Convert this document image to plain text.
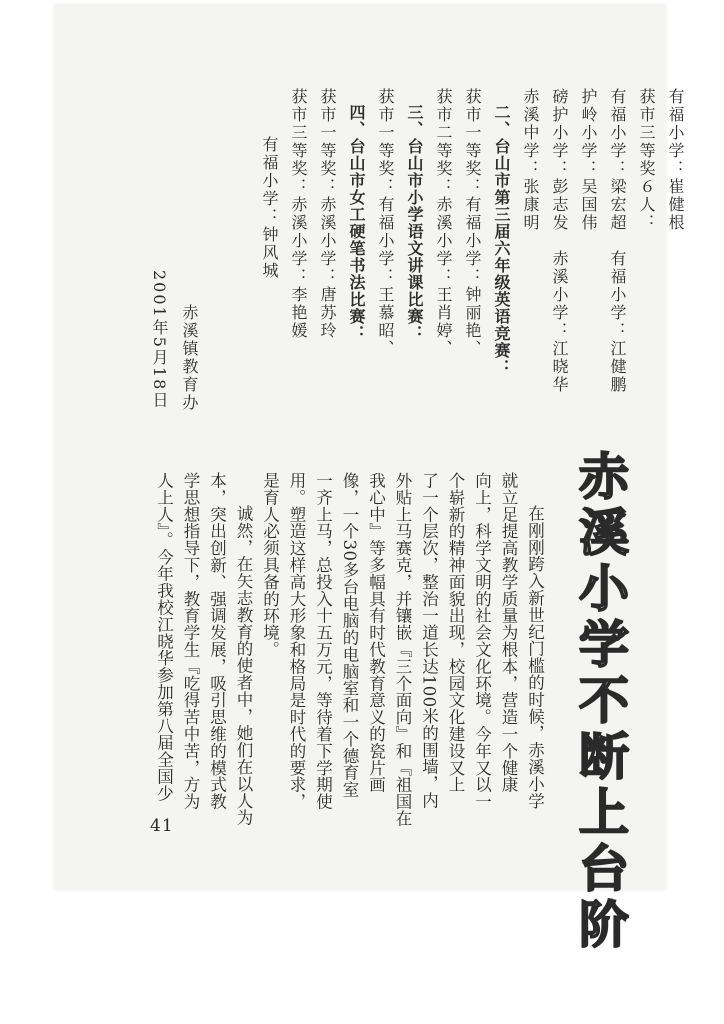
有福小学：崔健根
获市三等奖６人：
有福小学：梁宏超　有福小学：江健鹏
护岭小学：吴国伟
磅护小学：彭志发　赤溪小学：江晓华
赤溪中学：张康明
二、台山市第三届六年级英语竞赛：
获市一等奖：有福小学：钟丽艳、
获市二等奖：赤溪小学：王肖婷、
三、台山市小学语文讲课比赛：
获市一等奖：有福小学：王慕昭、
四、台山市女工硬笔书法比赛：
获市一等奖：赤溪小学：唐苏玲
获市三等奖：赤溪小学：李艳媛
有福小学：钟风城
赤溪镇教育办
2001年5月18日
赤溪小学不断上台阶
在刚刚跨入新世纪门槛的时候，赤溪小学
就立足提高教学质量为根本，营造一个健康
向上，科学文明的社会文化环境。今年又以一
个崭新的精神面貌出现，校园文化建设又上
了一个层次，整治一道长达100米的围墙，内
外贴上马赛克，并镶嵌『三个面向』和『祖国在
我心中』等多幅具有时代教育意义的瓷片画
像，一个30多台电脑的电脑室和一个德育室
一齐上马，总投入十五万元，等待着下学期使
用。塑造这样高大形象和格局是时代的要求，
是育人必须具备的环境。
诚然，在矢志教育的使者中，她们在以人为
本，突出创新、强调发展，吸引思维的模式教
学思想指导下，教育学生『吃得苦中苦，方为
人上人』。今年我校江晓华参加第八届全国少
41
